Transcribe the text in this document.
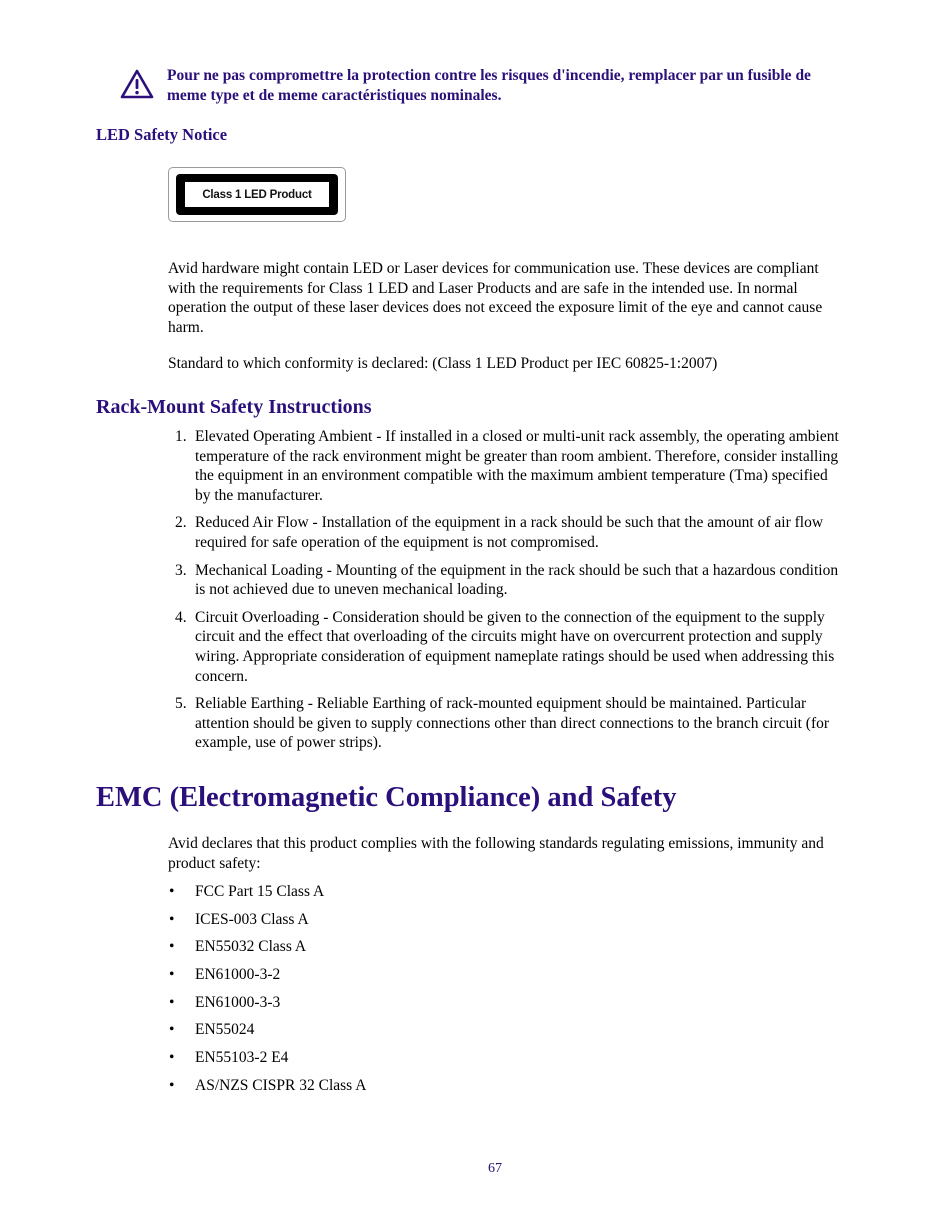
Pour ne pas compromettre la protection contre les risques d'incendie, remplacer par un fusible de meme type et de meme caractéristiques nominales.
LED Safety Notice
Class 1 LED Product

Avid hardware might contain LED or Laser devices for communication use. These devices are compliant with the requirements for Class 1 LED and Laser Products and are safe in the intended use. In normal operation the output of these laser devices does not exceed the exposure limit of the eye and cannot cause harm.

Standard to which conformity is declared: (Class 1 LED Product per IEC 60825-1:2007)

Rack-Mount Safety Instructions
1. Elevated Operating Ambient - If installed in a closed or multi-unit rack assembly, the operating ambient temperature of the rack environment might be greater than room ambient. Therefore, consider installing the equipment in an environment compatible with the maximum ambient temperature (Tma) specified by the manufacturer.
2. Reduced Air Flow - Installation of the equipment in a rack should be such that the amount of air flow required for safe operation of the equipment is not compromised.
3. Mechanical Loading - Mounting of the equipment in the rack should be such that a hazardous condition is not achieved due to uneven mechanical loading.
4. Circuit Overloading - Consideration should be given to the connection of the equipment to the supply circuit and the effect that overloading of the circuits might have on overcurrent protection and supply wiring. Appropriate consideration of equipment nameplate ratings should be used when addressing this concern.
5. Reliable Earthing - Reliable Earthing of rack-mounted equipment should be maintained. Particular attention should be given to supply connections other than direct connections to the branch circuit (for example, use of power strips).
EMC (Electromagnetic Compliance) and Safety

Avid declares that this product complies with the following standards regulating emissions, immunity and product safety:

• FCC Part 15 Class A
• ICES-003 Class A
• EN55032 Class A
• EN61000-3-2
• EN61000-3-3
• EN55024
• EN55103-2 E4
• AS/NZS CISPR 32 Class A
67
